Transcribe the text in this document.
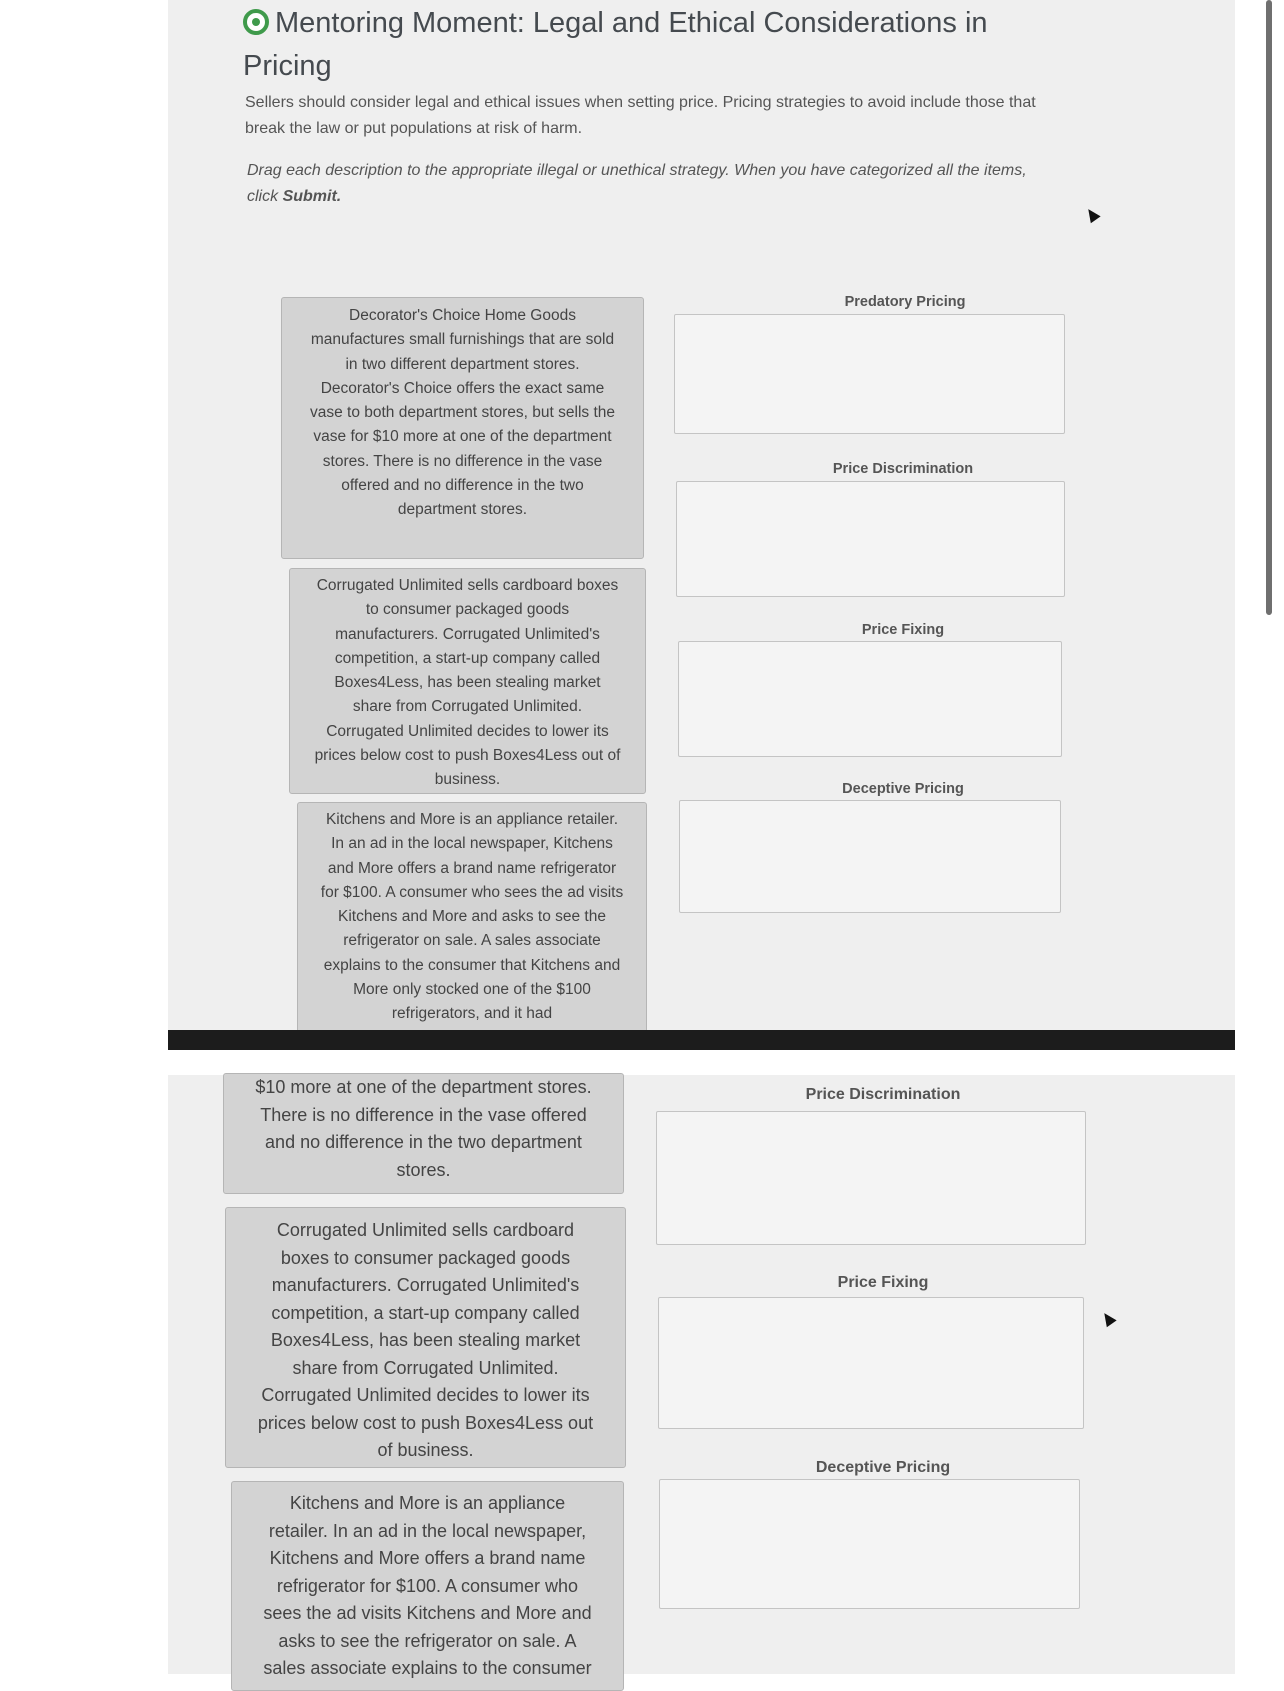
Mentoring Moment: Legal and Ethical Considerations in Pricing
Sellers should consider legal and ethical issues when setting price. Pricing strategies to avoid include those that break the law or put populations at risk of harm.
Drag each description to the appropriate illegal or unethical strategy. When you have categorized all the items, click Submit.
Decorator's Choice Home Goods manufactures small furnishings that are sold in two different department stores. Decorator's Choice offers the exact same vase to both department stores, but sells the vase for $10 more at one of the department stores. There is no difference in the vase offered and no difference in the two department stores.
Corrugated Unlimited sells cardboard boxes to consumer packaged goods manufacturers. Corrugated Unlimited's competition, a start-up company called Boxes4Less, has been stealing market share from Corrugated Unlimited. Corrugated Unlimited decides to lower its prices below cost to push Boxes4Less out of business.
Kitchens and More is an appliance retailer. In an ad in the local newspaper, Kitchens and More offers a brand name refrigerator for $100. A consumer who sees the ad visits Kitchens and More and asks to see the refrigerator on sale. A sales associate explains to the consumer that Kitchens and More only stocked one of the $100 refrigerators, and it had

Predatory Pricing
Price Discrimination
Price Fixing
Deceptive Pricing
$10 more at one of the department stores. There is no difference in the vase offered and no difference in the two department stores.
Corrugated Unlimited sells cardboard boxes to consumer packaged goods manufacturers. Corrugated Unlimited's competition, a start-up company called Boxes4Less, has been stealing market share from Corrugated Unlimited. Corrugated Unlimited decides to lower its prices below cost to push Boxes4Less out of business.
Kitchens and More is an appliance retailer. In an ad in the local newspaper, Kitchens and More offers a brand name refrigerator for $100. A consumer who sees the ad visits Kitchens and More and asks to see the refrigerator on sale. A sales associate explains to the consumer
Price Discrimination
Price Fixing
Deceptive Pricing
